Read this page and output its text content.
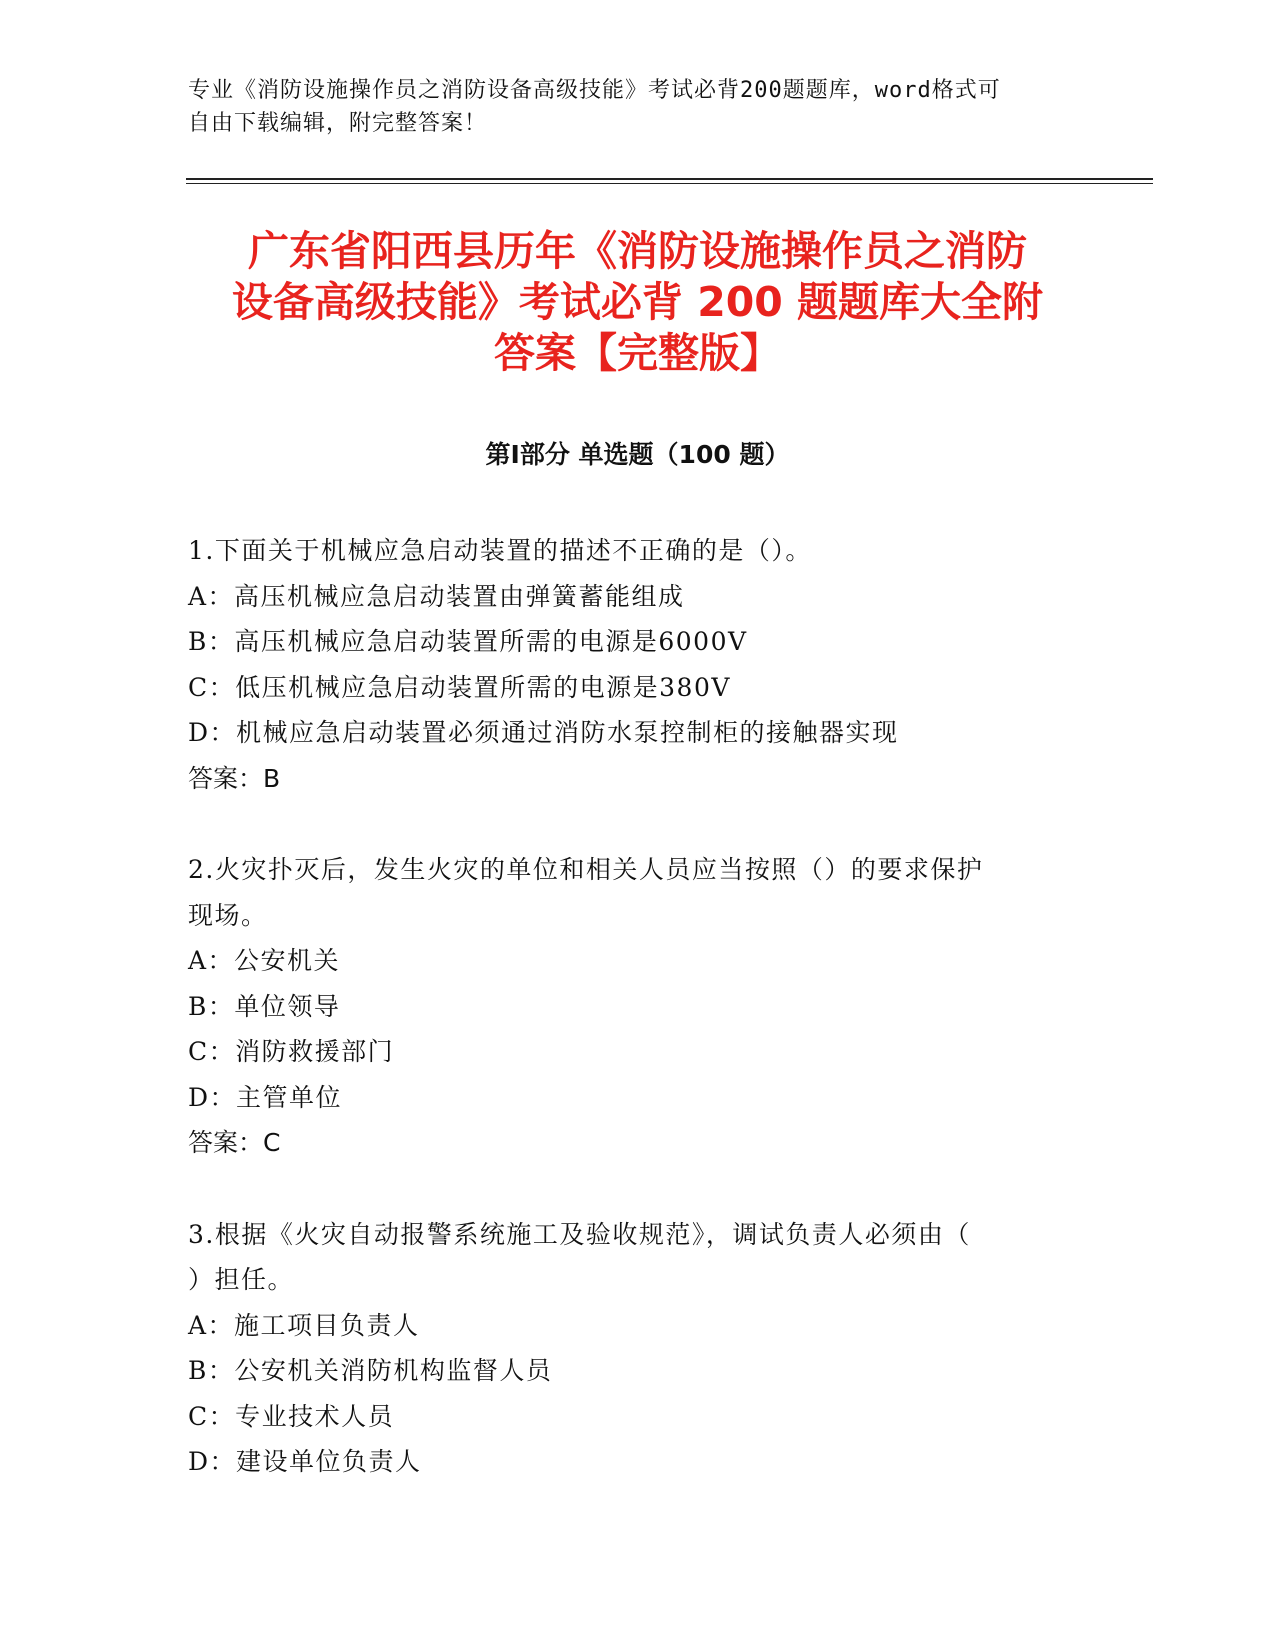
专业《消防设施操作员之消防设备高级技能》考试必背200题题库，word格式可

自由下载编辑，附完整答案！

广东省阳西县历年《消防设施操作员之消防

设备高级技能》考试必背 200 题题库大全附

答案【完整版】

第Ⅰ部分 单选题（100 题）

1.下面关于机械应急启动装置的描述不正确的是（）。

A：高压机械应急启动装置由弹簧蓄能组成

B：高压机械应急启动装置所需的电源是6000V

C：低压机械应急启动装置所需的电源是380V

D：机械应急启动装置必须通过消防水泵控制柜的接触器实现

答案：B

2.火灾扑灭后，发生火灾的单位和相关人员应当按照（）的要求保护

现场。

A：公安机关

B：单位领导

C：消防救援部门

D：主管单位

答案：C

3.根据《火灾自动报警系统施工及验收规范》，调试负责人必须由（

）担任。

A：施工项目负责人

B：公安机关消防机构监督人员

C：专业技术人员

D：建设单位负责人
